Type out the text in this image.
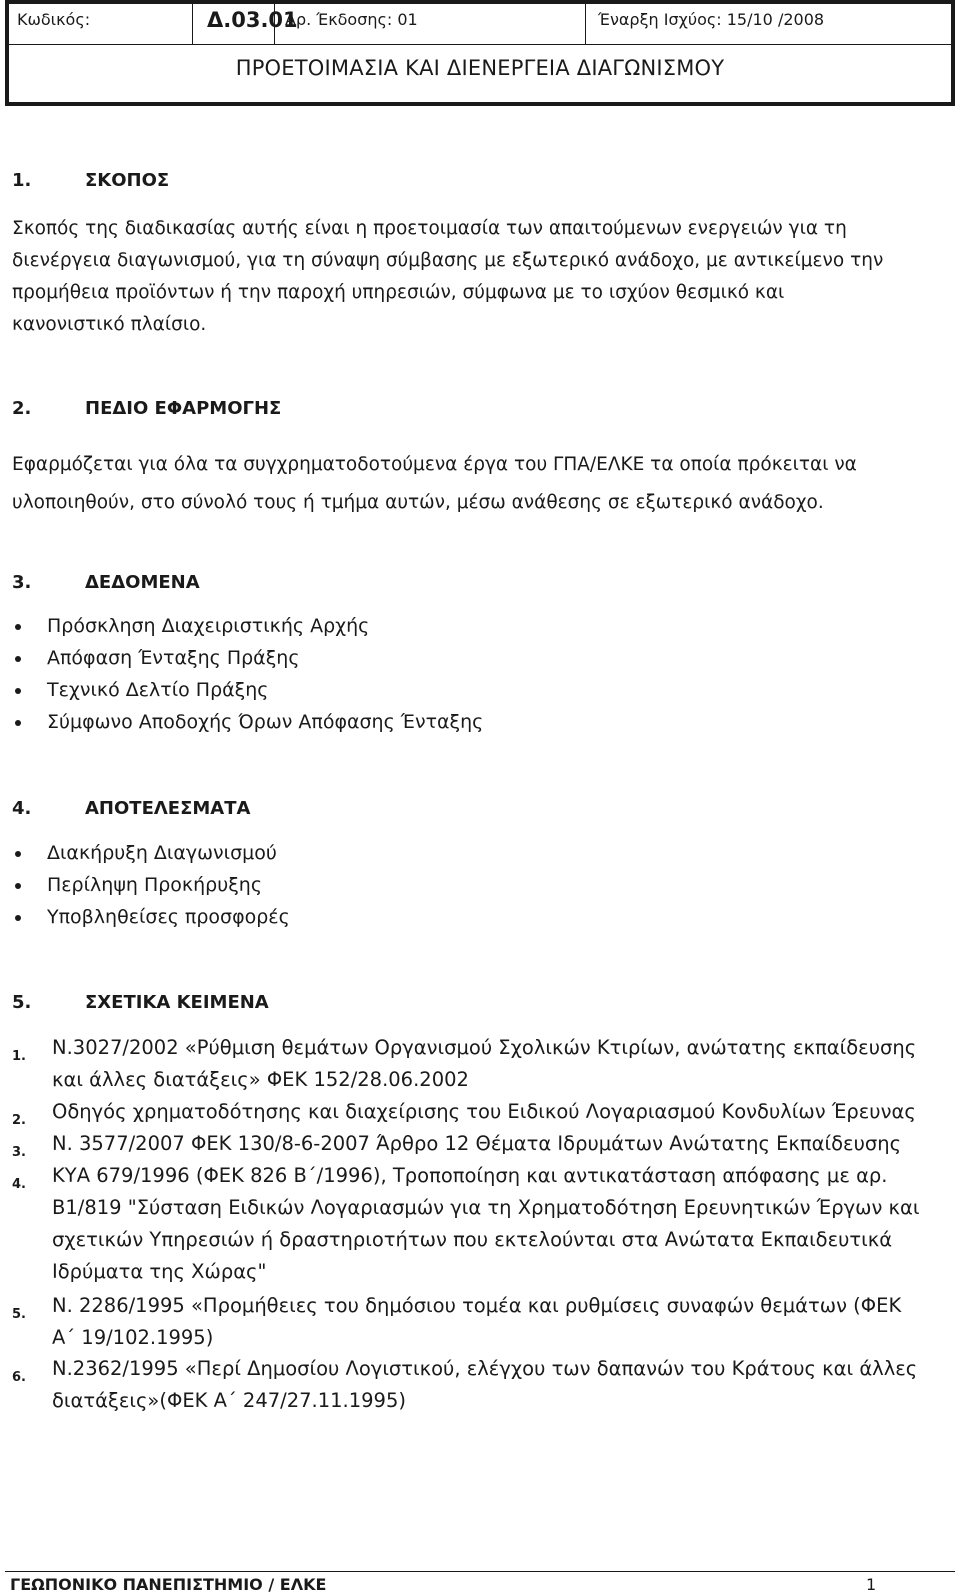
Κωδικός:	Δ.03.01
Αρ. Έκδοσης: 01	Έναρξη Ισχύος: 15/10 /2008
ΠΡΟΕΤΟΙΜΑΣΙΑ ΚΑΙ ΔΙΕΝΕΡΓΕΙΑ ΔΙΑΓΩΝΙΣΜΟΥ
1.	ΣΚΟΠΟΣ
Σκοπός της διαδικασίας αυτής είναι η προετοιμασία των απαιτούμενων ενεργειών για τη
διενέργεια διαγωνισμού, για τη σύναψη σύμβασης με εξωτερικό ανάδοχο, με αντικείμενο την
προμήθεια προϊόντων ή την παροχή υπηρεσιών, σύμφωνα με το ισχύον θεσμικό και
κανονιστικό πλαίσιο.
2.	ΠΕΔΙΟ ΕΦΑΡΜΟΓΗΣ
Εφαρμόζεται για όλα τα συγχρηματοδοτούμενα έργα του ΓΠΑ/ΕΛΚΕ τα οποία πρόκειται να
υλοποιηθούν, στο σύνολό τους ή τμήμα αυτών, μέσω ανάθεσης σε εξωτερικό ανάδοχο.
3.	ΔΕΔΟΜΕΝΑ
Πρόσκληση Διαχειριστικής Αρχής
Απόφαση Ένταξης Πράξης
Τεχνικό Δελτίο Πράξης
Σύμφωνο Αποδοχής Όρων Απόφασης Ένταξης
4.	ΑΠΟΤΕΛΕΣΜΑΤΑ
Διακήρυξη Διαγωνισμού
Περίληψη Προκήρυξης
Υποβληθείσες προσφορές
5.	ΣΧΕΤΙΚΑ ΚΕΙΜΕΝΑ
1. Ν.3027/2002 «Ρύθμιση θεμάτων Οργανισμού Σχολικών Κτιρίων, ανώτατης εκπαίδευσης
και άλλες διατάξεις» ΦΕΚ 152/28.06.2002
2. Οδηγός χρηματοδότησης και διαχείρισης του Ειδικού Λογαριασμού Κονδυλίων Έρευνας
3. Ν. 3577/2007 ΦΕΚ 130/8-6-2007 Άρθρο 12 Θέματα Ιδρυμάτων Ανώτατης Εκπαίδευσης
4. ΚΥΑ 679/1996 (ΦΕΚ 826 Β΄/1996), Τροποποίηση και αντικατάσταση απόφασης με αρ.
Β1/819 "Σύσταση Ειδικών Λογαριασμών για τη Χρηματοδότηση Ερευνητικών Έργων και
σχετικών Υπηρεσιών ή δραστηριοτήτων που εκτελούνται στα Ανώτατα Εκπαιδευτικά
Ιδρύματα της Χώρας"
5. Ν. 2286/1995 «Προμήθειες του δημόσιου τομέα και ρυθμίσεις συναφών θεμάτων (ΦΕΚ
Α΄ 19/102.1995)
6. Ν.2362/1995 «Περί Δημοσίου Λογιστικού, ελέγχου των δαπανών του Κράτους και άλλες
διατάξεις»(ΦΕΚ Α΄ 247/27.11.1995)
ΓΕΩΠΟΝΙΚΟ ΠΑΝΕΠΙΣΤΗΜΙΟ / ΕΛΚΕ	1
